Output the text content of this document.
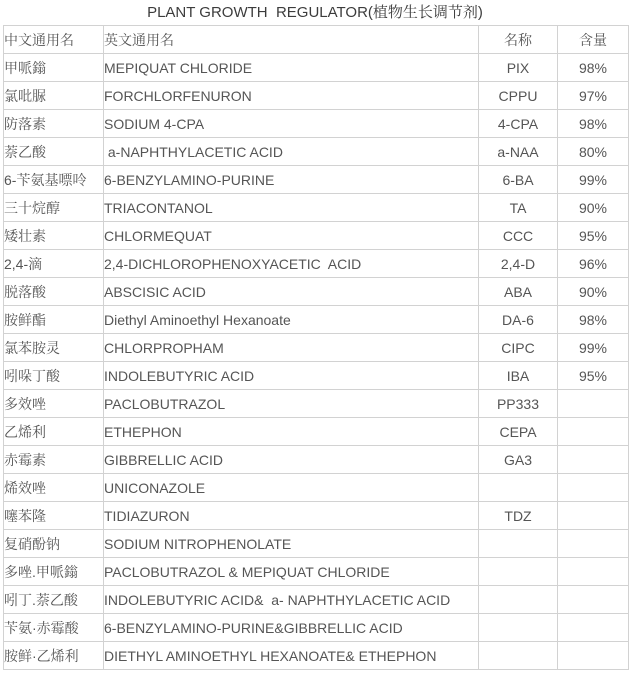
PLANT GROWTH  REGULATOR(植物生长调节剂)
中文通用名	英文通用名	名称	含量
甲哌鎓	MEPIQUAT CHLORIDE	PIX	98%
氯吡脲	FORCHLORFENURON	CPPU	97%
防落素	SODIUM 4-CPA	4-CPA	98%
萘乙酸	a-NAPHTHYLACETIC ACID	a-NAA	80%
6-苄氨基嘌呤	6-BENZYLAMINO-PURINE	6-BA	99%
三十烷醇	TRIACONTANOL	TA	90%
矮壮素	CHLORMEQUAT	CCC	95%
2,4-滴	2,4-DICHLOROPHENOXYACETIC  ACID	2,4-D	96%
脱落酸	ABSCISIC ACID	ABA	90%
胺鲜酯	Diethyl Aminoethyl Hexanoate	DA-6	98%
氯苯胺灵	CHLORPROPHAM	CIPC	99%
吲哚丁酸	INDOLEBUTYRIC ACID	IBA	95%
多效唑	PACLOBUTRAZOL	PP333	
乙烯利	ETHEPHON	CEPA	
赤霉素	GIBBRELLIC ACID	GA3	
烯效唑	UNICONAZOLE		
噻苯隆	TIDIAZURON	TDZ	
复硝酚钠	SODIUM NITROPHENOLATE		
多唑.甲哌鎓	PACLOBUTRAZOL & MEPIQUAT CHLORIDE		
吲丁.萘乙酸	INDOLEBUTYRIC ACID&  a- NAPHTHYLACETIC ACID		
苄氨·赤霉酸	6-BENZYLAMINO-PURINE&GIBBRELLIC ACID		
胺鲜·乙烯利	DIETHYL AMINOETHYL HEXANOATE& ETHEPHON		
